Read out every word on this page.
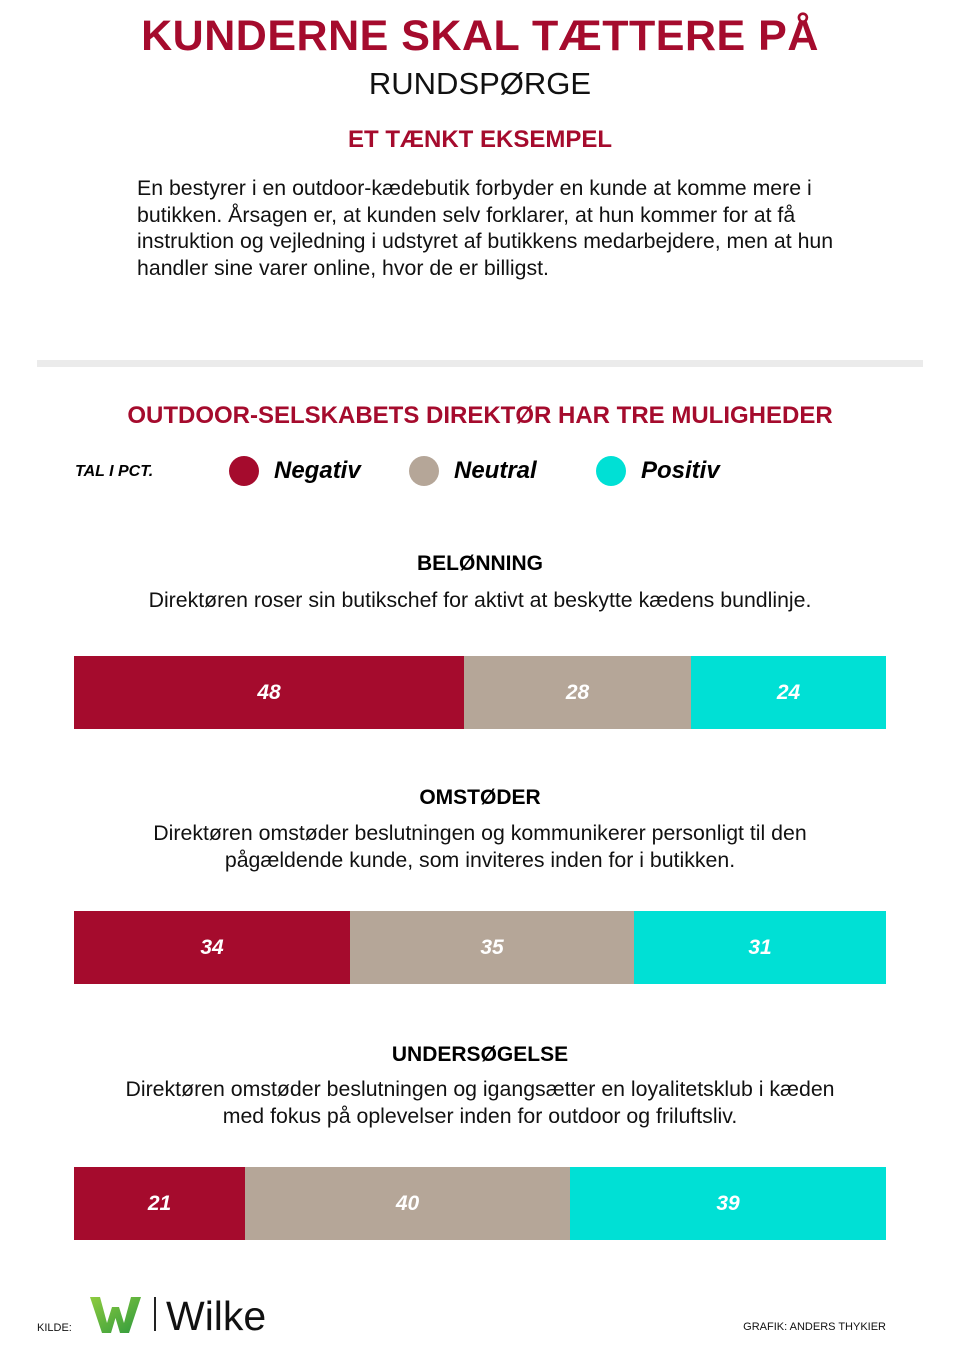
KUNDERNE SKAL TÆTTERE PÅ
RUNDSPØRGE
ET TÆNKT EKSEMPEL
En bestyrer i en outdoor-kædebutik forbyder en kunde at komme mere i butikken. Årsagen er, at kunden selv forklarer, at hun kommer for at få instruktion og vejledning i udstyret af butikkens medarbejdere, men at hun handler sine varer online, hvor de er billigst.
OUTDOOR-SELSKABETS DIREKTØR HAR TRE MULIGHEDER
TAL I PCT.	Negativ	Neutral	Positiv
BELØNNING
Direktøren roser sin butikschef for aktivt at beskytte kædens bundlinje.
48	28	24
OMSTØDER
Direktøren omstøder beslutningen og kommunikerer personligt til den pågældende kunde, som inviteres inden for i butikken.
34	35	31
UNDERSØGELSE
Direktøren omstøder beslutningen og igangsætter en loyalitetsklub i kæden med fokus på oplevelser inden for outdoor og friluftsliv.
21	40	39
KILDE: Wilke	GRAFIK: ANDERS THYKIER
